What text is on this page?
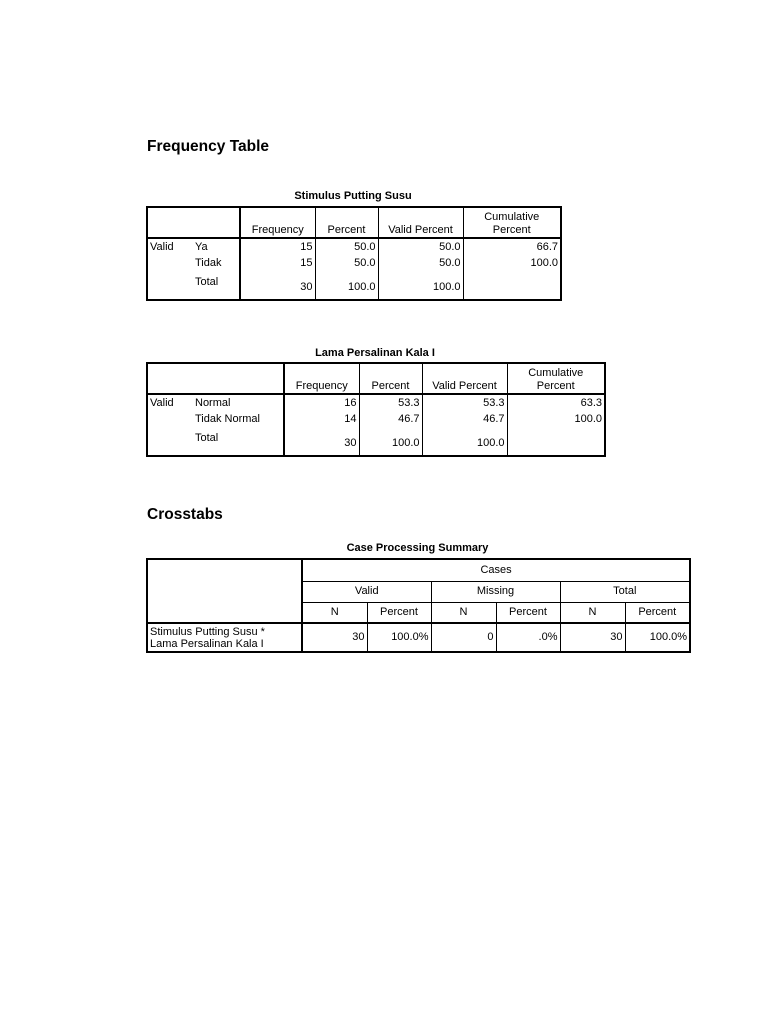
Frequency Table
Stimulus Putting Susu
		Frequency	Percent	Valid Percent	Cumulative
Percent

Valid	Ya	15	50.0	50.0	66.7
	Tidak	15	50.0	50.0	100.0
	Total	30	100.0	100.0	
Lama Persalinan Kala I
		Frequency	Percent	Valid Percent	Cumulative
Percent

Valid	Normal	16	53.3	53.3	63.3
	Tidak Normal	14	46.7	46.7	100.0
	Total	30	100.0	100.0	
Crosstabs
Case Processing Summary
	Cases					
	Valid		Missing		Total	
	N	Percent	N	Percent	N	Percent

Stimulus Putting Susu *
Lama Persalinan Kala I	30	100.0%	0	.0%	30	100.0%
